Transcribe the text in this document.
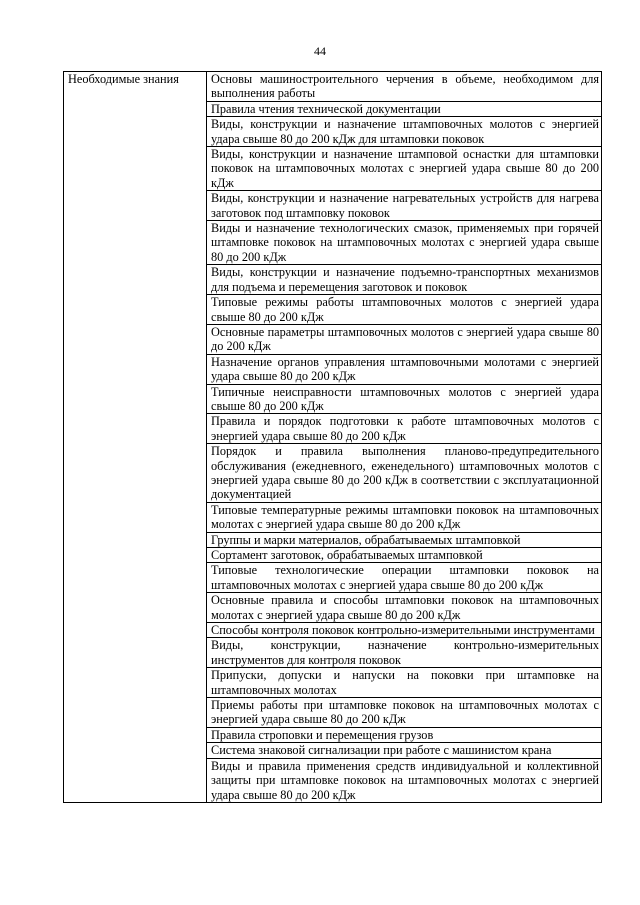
44
Необходимые знания	Основы машиностроительного черчения в объеме, необходимом для выполнения работы
Правила чтения технической документации
Виды, конструкции и назначение штамповочных молотов с энергией удара свыше 80 до 200 кДж для штамповки поковок
Виды, конструкции и назначение штамповой оснастки для штамповки поковок на штамповочных молотах с энергией удара свыше 80 до 200 кДж
Виды, конструкции и назначение нагревательных устройств для нагрева заготовок под штамповку поковок
Виды и назначение технологических смазок, применяемых при горячей штамповке поковок на штамповочных молотах с энергией удара свыше 80 до 200 кДж
Виды, конструкции и назначение подъемно-транспортных механизмов для подъема и перемещения заготовок и поковок
Типовые режимы работы штамповочных молотов с энергией удара свыше 80 до 200 кДж
Основные параметры штамповочных молотов с энергией удара свыше 80 до 200 кДж
Назначение органов управления штамповочными молотами с энергией удара свыше 80 до 200 кДж
Типичные неисправности штамповочных молотов с энергией удара свыше 80 до 200 кДж
Правила и порядок подготовки к работе штамповочных молотов с энергией удара свыше 80 до 200 кДж
Порядок и правила выполнения планово-предупредительного обслуживания (ежедневного, еженедельного) штамповочных молотов с энергией удара свыше 80 до 200 кДж в соответствии с эксплуатационной документацией
Типовые температурные режимы штамповки поковок на штамповочных молотах с энергией удара свыше 80 до 200 кДж
Группы и марки материалов, обрабатываемых штамповкой
Сортамент заготовок, обрабатываемых штамповкой
Типовые технологические операции штамповки поковок на штамповочных молотах с энергией удара свыше 80 до 200 кДж
Основные правила и способы штамповки поковок на штамповочных молотах с энергией удара свыше 80 до 200 кДж
Способы контроля поковок контрольно-измерительными инструментами
Виды, конструкции, назначение контрольно-измерительных инструментов для контроля поковок
Припуски, допуски и напуски на поковки при штамповке на штамповочных молотах
Приемы работы при штамповке поковок на штамповочных молотах с энергией удара свыше 80 до 200 кДж
Правила строповки и перемещения грузов
Система знаковой сигнализации при работе с машинистом крана
Виды и правила применения средств индивидуальной и коллективной защиты при штамповке поковок на штамповочных молотах с энергией удара свыше 80 до 200 кДж
